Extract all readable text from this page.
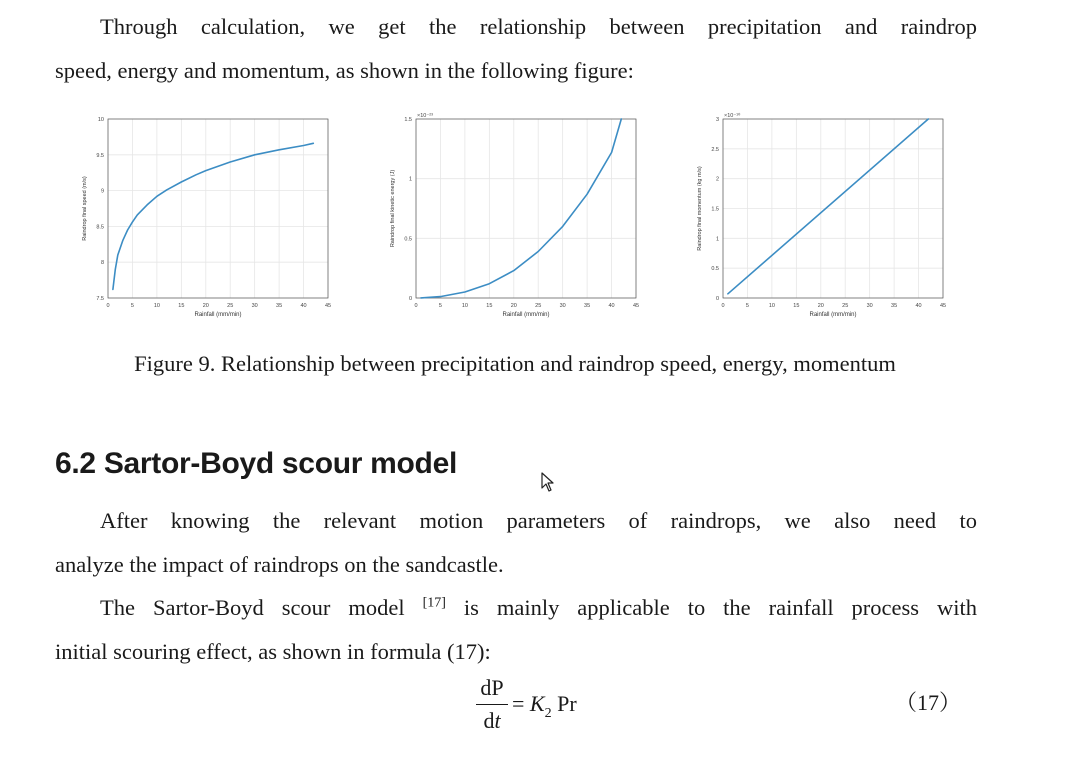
Through calculation, we get the relationship between precipitation and raindrop

speed, energy and momentum, as shown in the following figure:

0	5	10	15	20	25	30	35	40	45
7.5
8
8.5
9
9.5
10
Rainfall (mm/min)
Raindrop final speed (m/s)
0	5	10	15	20	25	30	35	40	45
0
0.5
1
1.5
×10⁻²³
Rainfall (mm/min)
Raindrop final kinetic energy (J)
0	5	10	15	20	25	30	35	40	45
0
0.5
1
1.5
2
2.5
3
×10⁻¹⁰
Rainfall (mm/min)
Raindrop final momentum (kg m/s)
Figure 9. Relationship between precipitation and raindrop speed, energy, momentum
6.2 Sartor-Boyd scour model

After knowing the relevant motion parameters of raindrops, we also need to

analyze the impact of raindrops on the sandcastle.

The Sartor-Boyd scour model [17] is mainly applicable to the rainfall process with

initial scouring effect, as shown in formula (17):

dP
dt
= $K_2$ Pr	（17）
